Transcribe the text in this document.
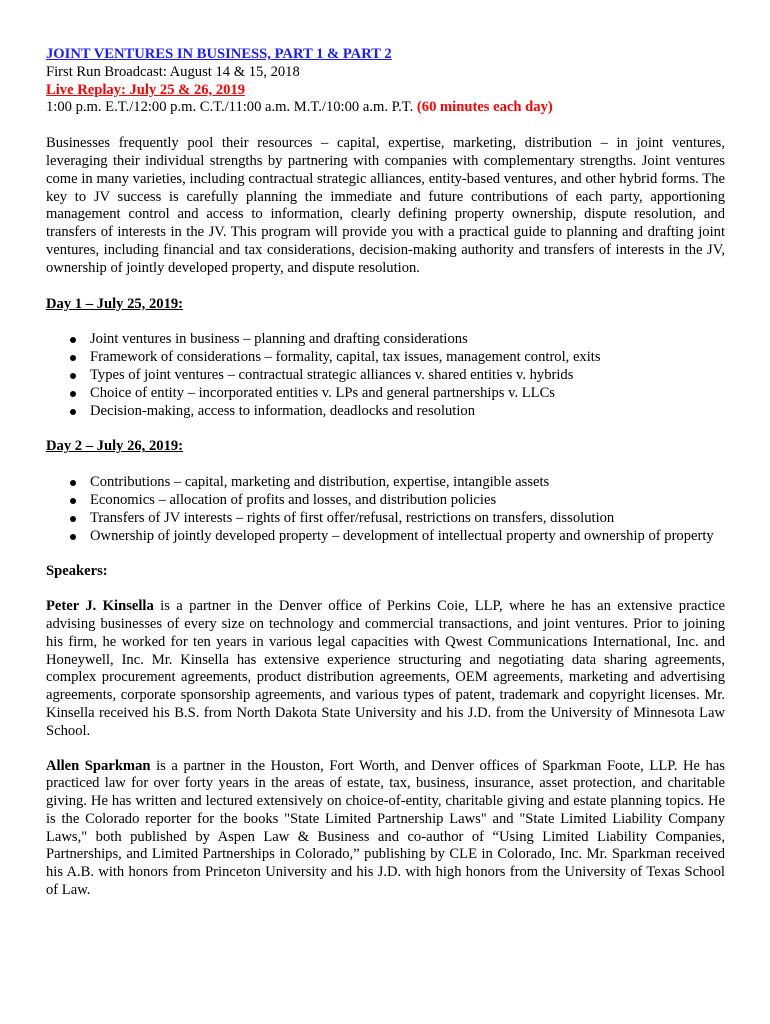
JOINT VENTURES IN BUSINESS, PART 1 & PART 2
First Run Broadcast: August 14 & 15, 2018
Live Replay: July 25 & 26, 2019
1:00 p.m. E.T./12:00 p.m. C.T./11:00 a.m. M.T./10:00 a.m. P.T. (60 minutes each day)

Businesses frequently pool their resources – capital, expertise, marketing, distribution – in joint ventures, leveraging their individual strengths by partnering with companies with complementary strengths. Joint ventures come in many varieties, including contractual strategic alliances, entity-based ventures, and other hybrid forms. The key to JV success is carefully planning the immediate and future contributions of each party, apportioning management control and access to information, clearly defining property ownership, dispute resolution, and transfers of interests in the JV. This program will provide you with a practical guide to planning and drafting joint ventures, including financial and tax considerations, decision-making authority and transfers of interests in the JV, ownership of jointly developed property, and dispute resolution.

Day 1 – July 25, 2019:
Joint ventures in business – planning and drafting considerations
Framework of considerations – formality, capital, tax issues, management control, exits
Types of joint ventures – contractual strategic alliances v. shared entities v. hybrids
Choice of entity – incorporated entities v. LPs and general partnerships v. LLCs
Decision-making, access to information, deadlocks and resolution
Day 2 – July 26, 2019:
Contributions – capital, marketing and distribution, expertise, intangible assets
Economics – allocation of profits and losses, and distribution policies
Transfers of JV interests – rights of first offer/refusal, restrictions on transfers, dissolution
Ownership of jointly developed property – development of intellectual property and ownership of property
Speakers:

Peter J. Kinsella is a partner in the Denver office of Perkins Coie, LLP, where he has an extensive practice advising businesses of every size on technology and commercial transactions, and joint ventures. Prior to joining his firm, he worked for ten years in various legal capacities with Qwest Communications International, Inc. and Honeywell, Inc. Mr. Kinsella has extensive experience structuring and negotiating data sharing agreements, complex procurement agreements, product distribution agreements, OEM agreements, marketing and advertising agreements, corporate sponsorship agreements, and various types of patent, trademark and copyright licenses. Mr. Kinsella received his B.S. from North Dakota State University and his J.D. from the University of Minnesota Law School.

Allen Sparkman is a partner in the Houston, Fort Worth, and Denver offices of Sparkman Foote, LLP. He has practiced law for over forty years in the areas of estate, tax, business, insurance, asset protection, and charitable giving. He has written and lectured extensively on choice-of-entity, charitable giving and estate planning topics. He is the Colorado reporter for the books "State Limited Partnership Laws" and "State Limited Liability Company Laws," both published by Aspen Law & Business and co-author of “Using Limited Liability Companies, Partnerships, and Limited Partnerships in Colorado,” publishing by CLE in Colorado, Inc. Mr. Sparkman received his A.B. with honors from Princeton University and his J.D. with high honors from the University of Texas School of Law.
